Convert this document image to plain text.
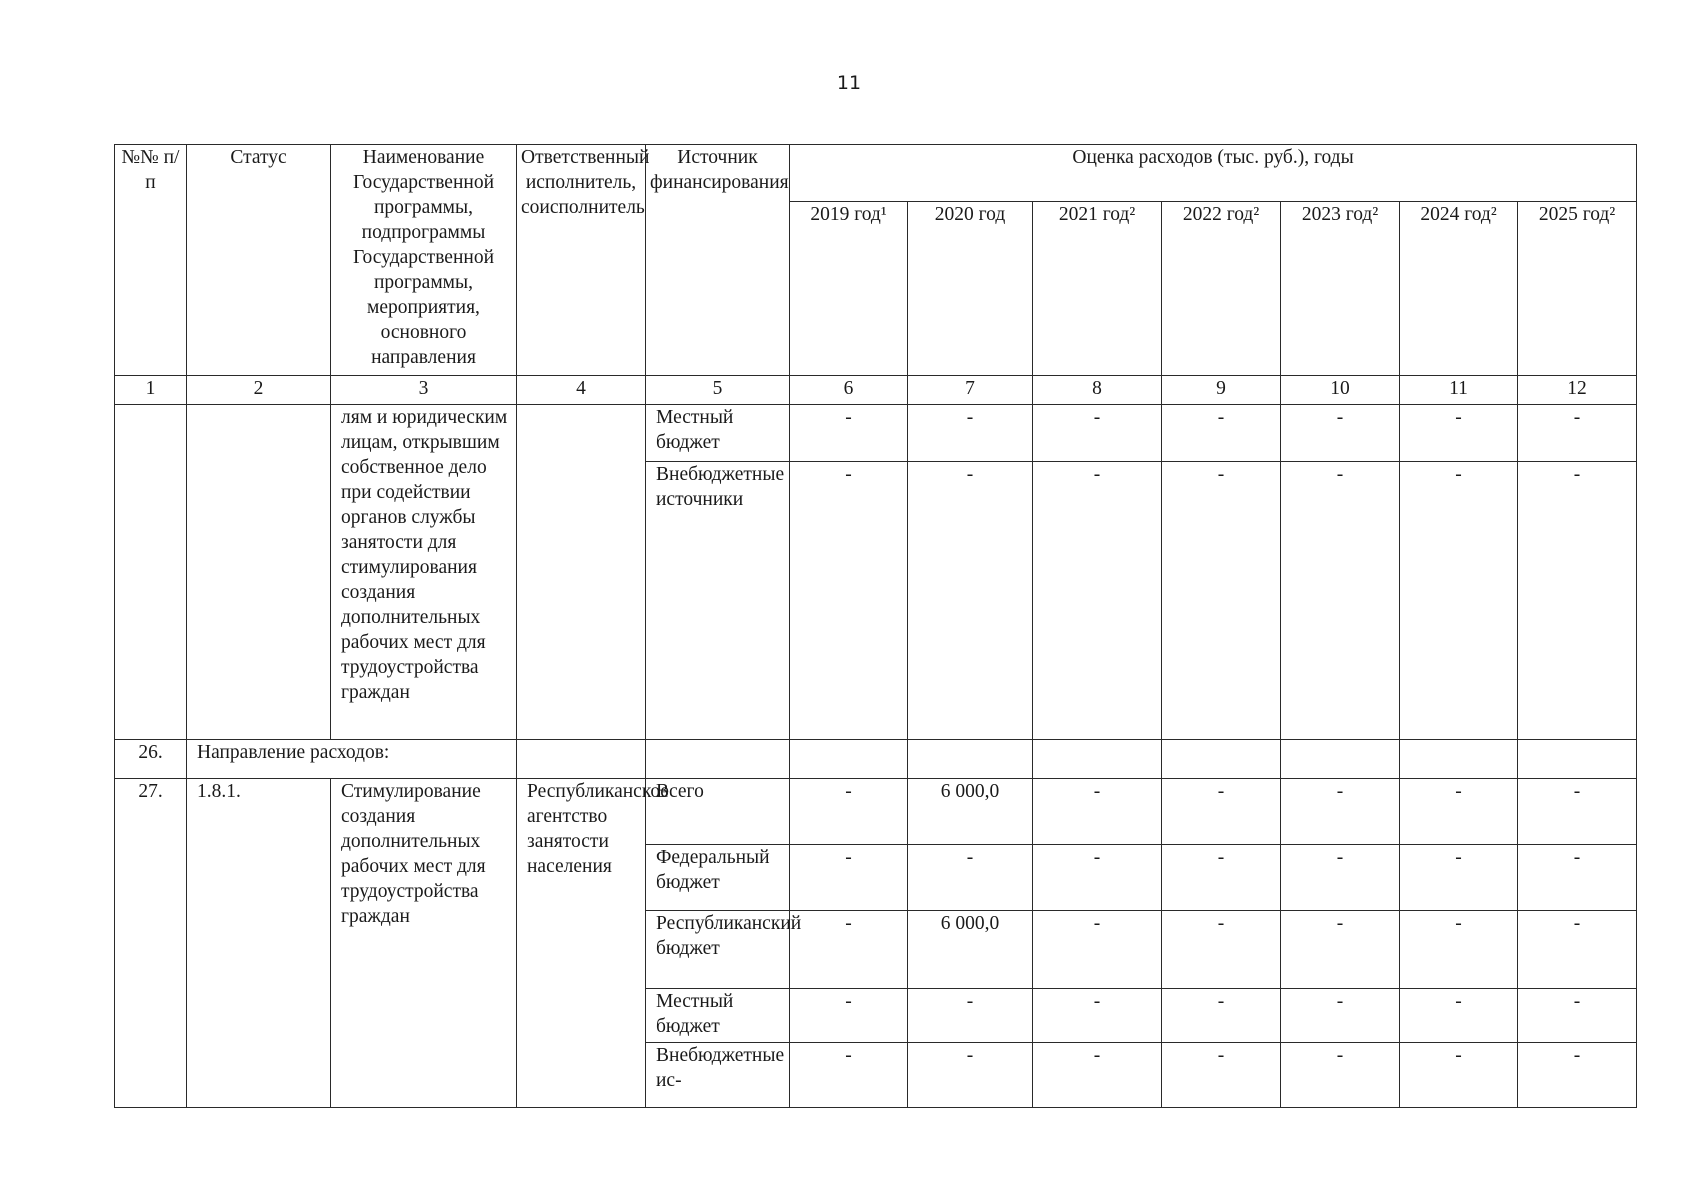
11
№№ п/п	Статус	Наименование Государственной программы, подпрограммы Государственной программы, мероприятия, основного направления	Ответственный исполнитель, соисполнитель	Источник финансирования	Оценка расходов (тыс. руб.), годы						
					2019 год¹	2020 год	2021 год²	2022 год²	2023 год²	2024 год²	2025 год²
1	2	3	4	5	6	7	8	9	10	11	12
		лям и юридическим лицам, открывшим собственное дело при содействии органов службы занятости для стимулирования создания дополнительных рабочих мест для трудоустройства граждан		Местный бюджет	-	-	-	-	-	-	-
				Внебюджетные источники	-	-	-	-	-	-	-
26.	Направление расходов:										
27.	1.8.1.	Стимулирование создания дополнительных рабочих мест для трудоустройства граждан	Республиканское агентство занятости населения	Всего	-	6 000,0	-	-	-	-	-
				Федеральный бюджет	-	-	-	-	-	-	-
				Республиканский бюджет	-	6 000,0	-	-	-	-	-
				Местный бюджет	-	-	-	-	-	-	-
				Внебюджетные ис-	-	-	-	-	-	-	-
